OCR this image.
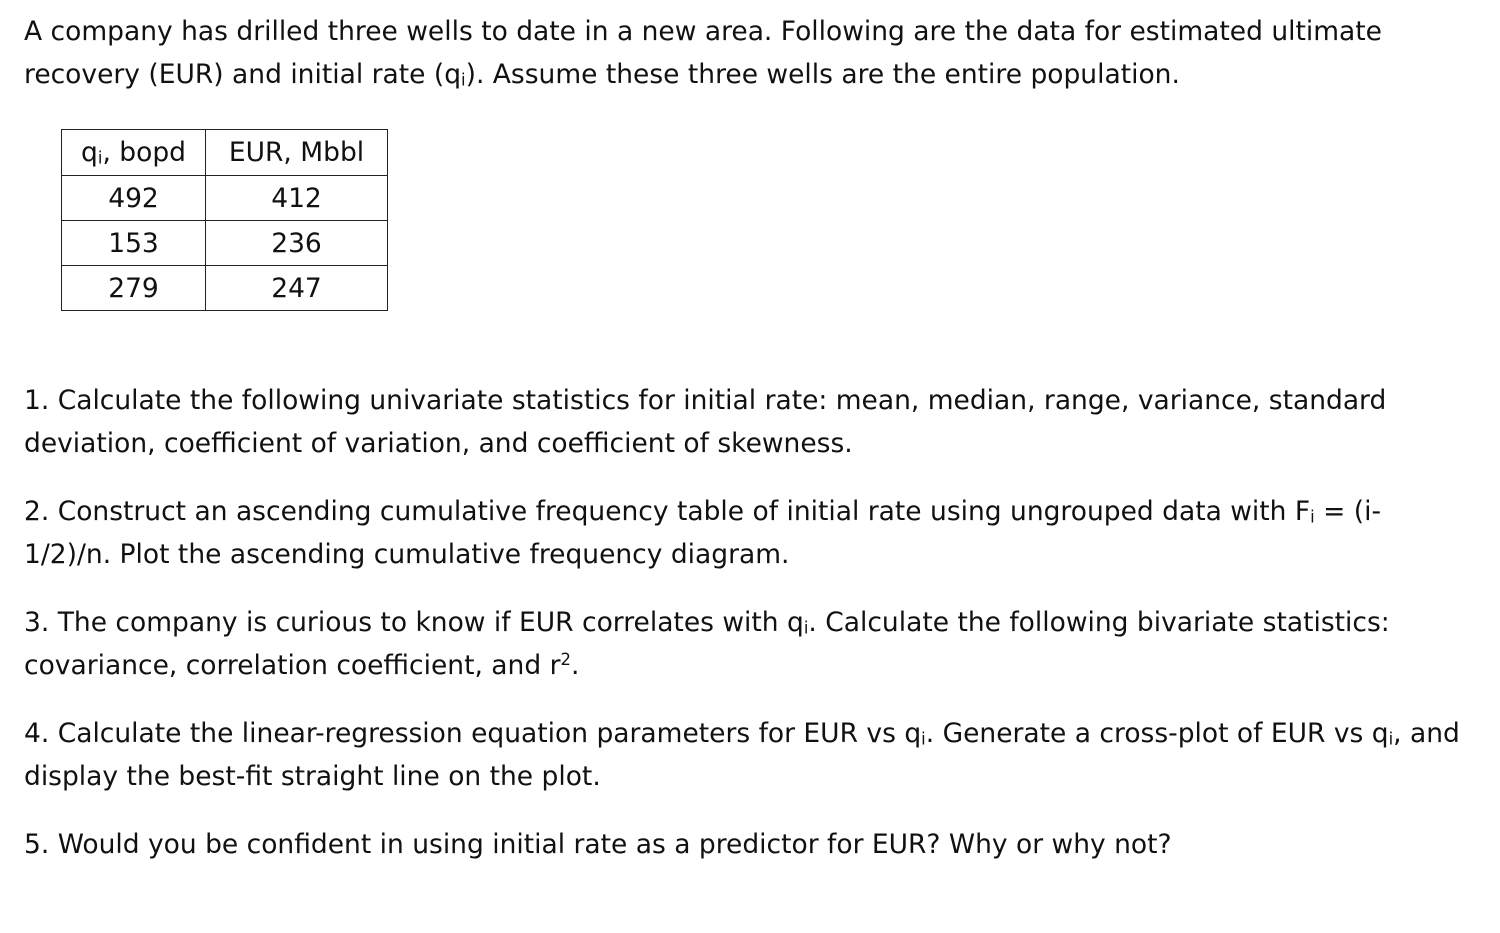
A company has drilled three wells to date in a new area. Following are the data for estimated ultimate recovery (EUR) and initial rate $(q_i)$. Assume these three wells are the entire population.

$q_i$, bopd	EUR, Mbbl
492	412
153	236
279	247

1. Calculate the following univariate statistics for initial rate: mean, median, range, variance, standard deviation, coefficient of variation, and coefficient of skewness.

2. Construct an ascending cumulative frequency table of initial rate using ungrouped data with $F_i = (i-1/2)/n$. Plot the ascending cumulative frequency diagram.

3. The company is curious to know if EUR correlates with $q_i$. Calculate the following bivariate statistics: covariance, correlation coefficient, and $r^2$.

4. Calculate the linear-regression equation parameters for EUR vs $q_i$. Generate a cross-plot of EUR vs $q_i$, and display the best-fit straight line on the plot.

5. Would you be confident in using initial rate as a predictor for EUR? Why or why not?
